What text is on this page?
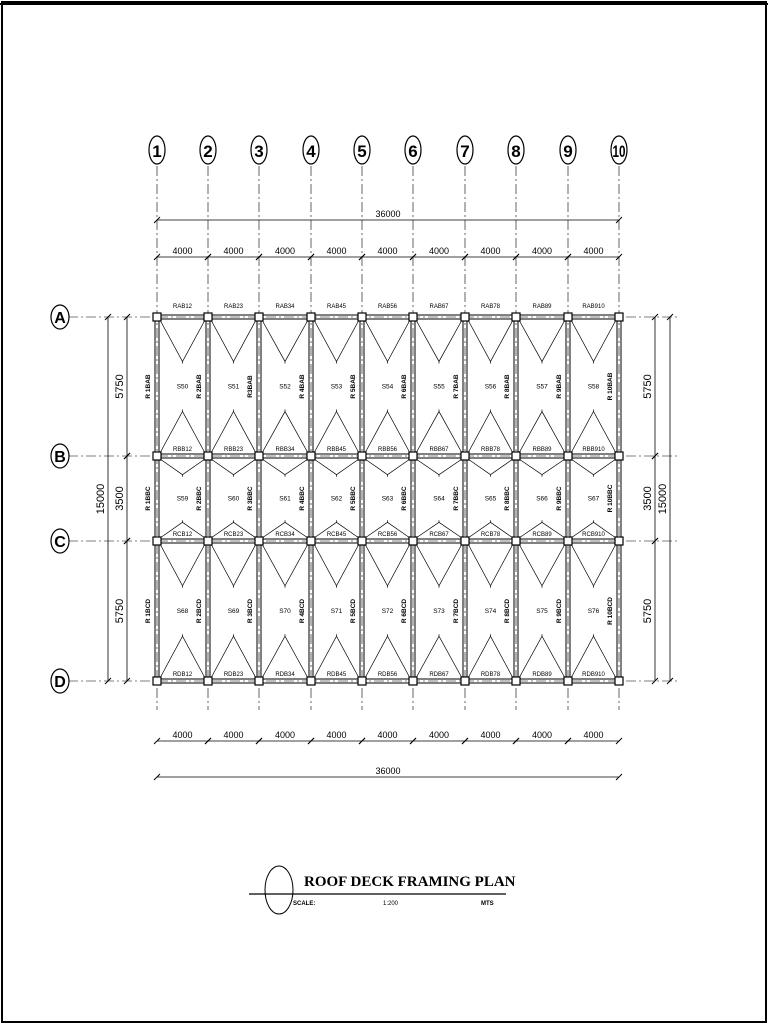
1 2 3	4 5 6	7 8	9 10
A
B
C
D
36000
4000	4000	4000	4000	4000	4000	4000	4000	4000
4000	4000	4000	4000	4000	4000	4000	4000	4000
36000
5750
3500
5750
15000
5750
3500
5750
15000
S50	S51	S52	S53	S54	S55	S56	S57	S58
S59	S60	S61	S62	S63	S64	S65	S66	S67
S68	S69	S70	S71	S72	S73	S74	S75	S76
RAB12	RAB23	RAB34	RAB45	RAB56	RAB67	RAB78	RAB89	RAB910
RBB12	RBB23	RBB34	RBB45	RBB56	RBB67	RBB78	RBB89	RBB910
RCB12	RCB23	RCB34	RCB45	RCB56	RCB67	RCB78	RCB89	RCB910
RDB12	RDB23	RDB34	RDB45	RDB56	RDB67	RDB78	RDB89	RDB910
R 1BAB	R 2BAB	R3BAB	R 4BAB	R 5BAB	R 6BAB	R 7BAB	R 8BAB	R 9BAB	R 10BAB
R 1BBC	R 2BBC	R 3BBC	R 4BBC	R 5BBC	R 6BBC	R 7BBC	R 8BBC	R 9BBC	R 10BBC
R 1BCD	R 2BCD	R 3BCD	R 4BCD	R 5BCD	R 6BCD	R 7BCD	R 8BCD	R 9BCD	R 10BCD
ROOF DECK FRAMING PLAN
SCALE:	1:200	MTS
